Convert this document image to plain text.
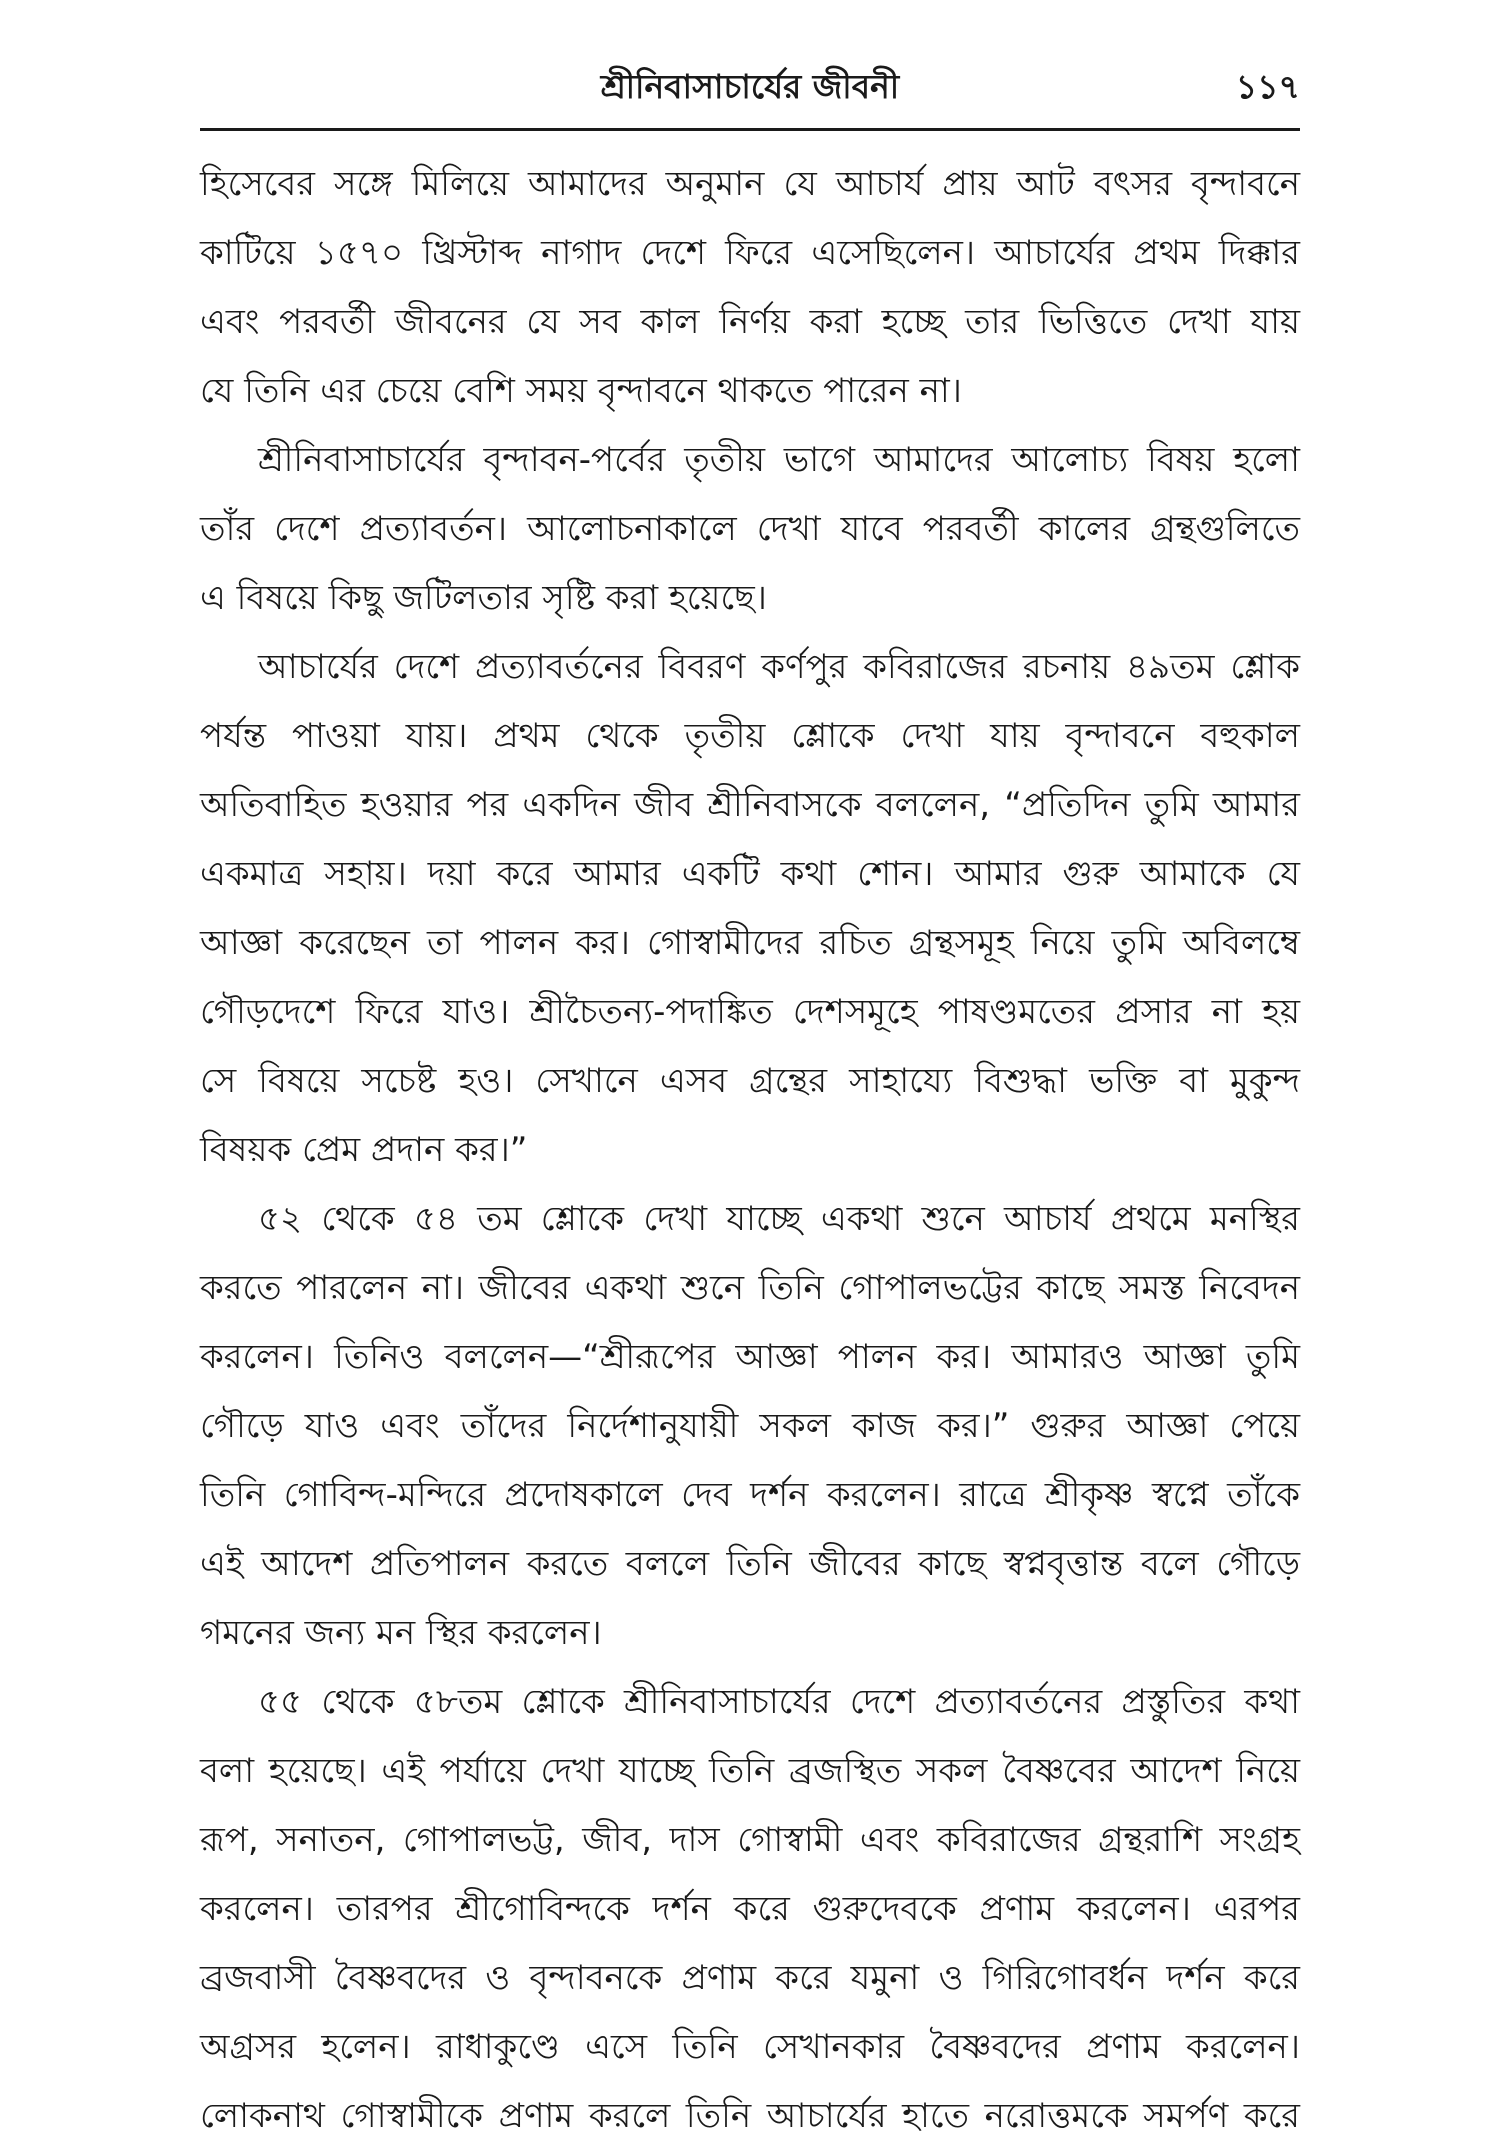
শ্রীনিবাসাচার্যের জীবনী	১১৭
হিসেবের সঙ্গে মিলিয়ে আমাদের অনুমান যে আচার্য প্রায় আট বৎসর বৃন্দাবনে
কাটিয়ে ১৫৭০ খ্রিস্টাব্দ নাগাদ দেশে ফিরে এসেছিলেন। আচার্যের প্রথম দিক্কার
এবং পরবর্তী জীবনের যে সব কাল নির্ণয় করা হচ্ছে তার ভিত্তিতে দেখা যায়
যে তিনি এর চেয়ে বেশি সময় বৃন্দাবনে থাকতে পারেন না।
শ্রীনিবাসাচার্যের বৃন্দাবন-পর্বের তৃতীয় ভাগে আমাদের আলোচ্য বিষয় হলো
তাঁর দেশে প্রত্যাবর্তন। আলোচনাকালে দেখা যাবে পরবর্তী কালের গ্রন্থগুলিতে
এ বিষয়ে কিছু জটিলতার সৃষ্টি করা হয়েছে।
আচার্যের দেশে প্রত্যাবর্তনের বিবরণ কর্ণপুর কবিরাজের রচনায় ৪৯তম শ্লোক
পর্যন্ত পাওয়া যায়। প্রথম থেকে তৃতীয় শ্লোকে দেখা যায় বৃন্দাবনে বহুকাল
অতিবাহিত হওয়ার পর একদিন জীব শ্রীনিবাসকে বললেন, “প্রতিদিন তুমি আমার
একমাত্র সহায়। দয়া করে আমার একটি কথা শোন। আমার গুরু আমাকে যে
আজ্ঞা করেছেন তা পালন কর। গোস্বামীদের রচিত গ্রন্থসমূহ নিয়ে তুমি অবিলম্বে
গৌড়দেশে ফিরে যাও। শ্রীচৈতন্য-পদাঙ্কিত দেশসমূহে পাষণ্ডমতের প্রসার না হয়
সে বিষয়ে সচেষ্ট হও। সেখানে এসব গ্রন্থের সাহায্যে বিশুদ্ধা ভক্তি বা মুকুন্দ
বিষয়ক প্রেম প্রদান কর।”
৫২ থেকে ৫৪ তম শ্লোকে দেখা যাচ্ছে একথা শুনে আচার্য প্রথমে মনস্থির
করতে পারলেন না। জীবের একথা শুনে তিনি গোপালভট্টের কাছে সমস্ত নিবেদন
করলেন। তিনিও বললেন—“শ্রীরূপের আজ্ঞা পালন কর। আমারও আজ্ঞা তুমি
গৌড়ে যাও এবং তাঁদের নির্দেশানুযায়ী সকল কাজ কর।” গুরুর আজ্ঞা পেয়ে
তিনি গোবিন্দ-মন্দিরে প্রদোষকালে দেব দর্শন করলেন। রাত্রে শ্রীকৃষ্ণ স্বপ্নে তাঁকে
এই আদেশ প্রতিপালন করতে বললে তিনি জীবের কাছে স্বপ্নবৃত্তান্ত বলে গৌড়ে
গমনের জন্য মন স্থির করলেন।
৫৫ থেকে ৫৮তম শ্লোকে শ্রীনিবাসাচার্যের দেশে প্রত্যাবর্তনের প্রস্তুতির কথা
বলা হয়েছে। এই পর্যায়ে দেখা যাচ্ছে তিনি ব্রজস্থিত সকল বৈষ্ণবের আদেশ নিয়ে
রূপ, সনাতন, গোপালভট্ট, জীব, দাস গোস্বামী এবং কবিরাজের গ্রন্থরাশি সংগ্রহ
করলেন। তারপর শ্রীগোবিন্দকে দর্শন করে গুরুদেবকে প্রণাম করলেন। এরপর
ব্রজবাসী বৈষ্ণবদের ও বৃন্দাবনকে প্রণাম করে যমুনা ও গিরিগোবর্ধন দর্শন করে
অগ্রসর হলেন। রাধাকুণ্ডে এসে তিনি সেখানকার বৈষ্ণবদের প্রণাম করলেন।
লোকনাথ গোস্বামীকে প্রণাম করলে তিনি আচার্যের হাতে নরোত্তমকে সমর্পণ করে
